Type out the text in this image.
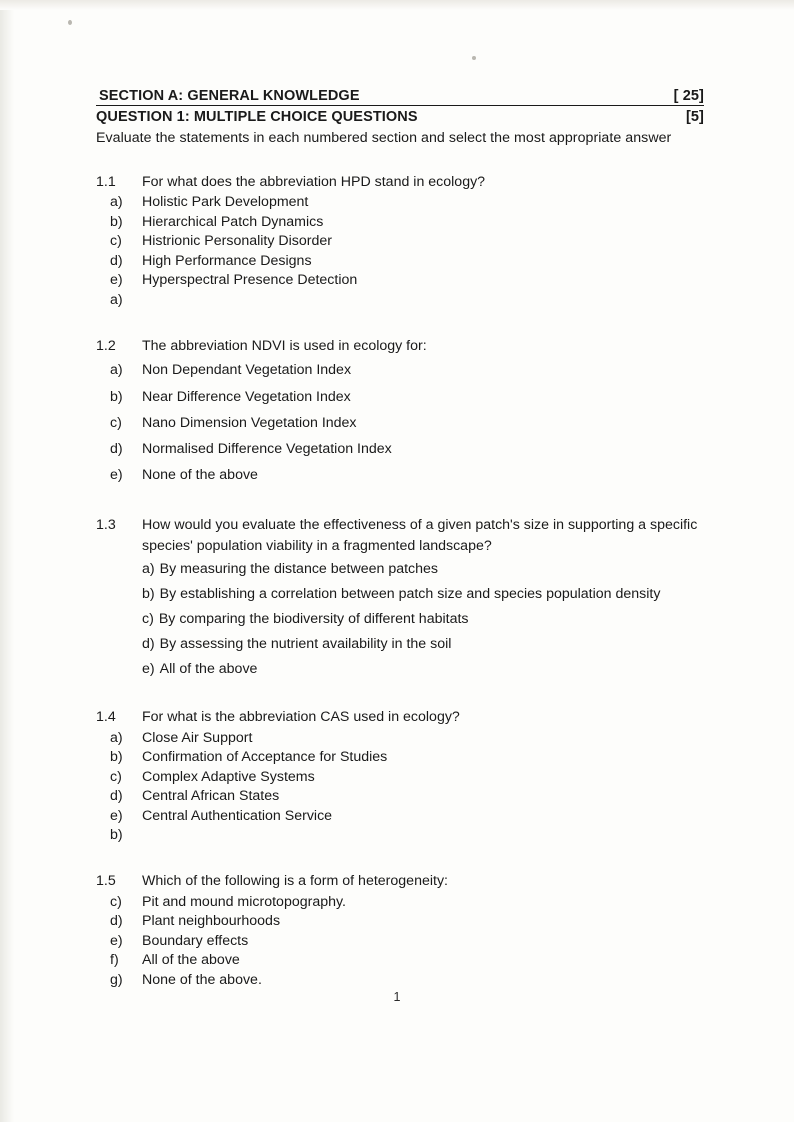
SECTION A: GENERAL KNOWLEDGE	[ 25]
QUESTION 1: MULTIPLE CHOICE QUESTIONS	[5]
Evaluate the statements in each numbered section and select the most appropriate answer
1.1	For what does the abbreviation HPD stand in ecology?
a)	Holistic Park Development
b)	Hierarchical Patch Dynamics
c)	Histrionic Personality Disorder
d)	High Performance Designs
e)	Hyperspectral Presence Detection
a)
1.2	The abbreviation NDVI is used in ecology for:
a)	Non Dependant Vegetation Index
b)	Near Difference Vegetation Index
c)	Nano Dimension Vegetation Index
d)	Normalised Difference Vegetation Index
e)	None of the above
1.3	How would you evaluate the effectiveness of a given patch's size in supporting a specific species' population viability in a fragmented landscape?
a) By measuring the distance between patches
b) By establishing a correlation between patch size and species population density
c) By comparing the biodiversity of different habitats
d) By assessing the nutrient availability in the soil
e) All of the above
1.4	For what is the abbreviation CAS used in ecology?
a)	Close Air Support
b)	Confirmation of Acceptance for Studies
c)	Complex Adaptive Systems
d)	Central African States
e)	Central Authentication Service
b)
1.5	Which of the following is a form of heterogeneity:
c)	Pit and mound microtopography.
d)	Plant neighbourhoods
e)	Boundary effects
f)	All of the above
g)	None of the above.
1
